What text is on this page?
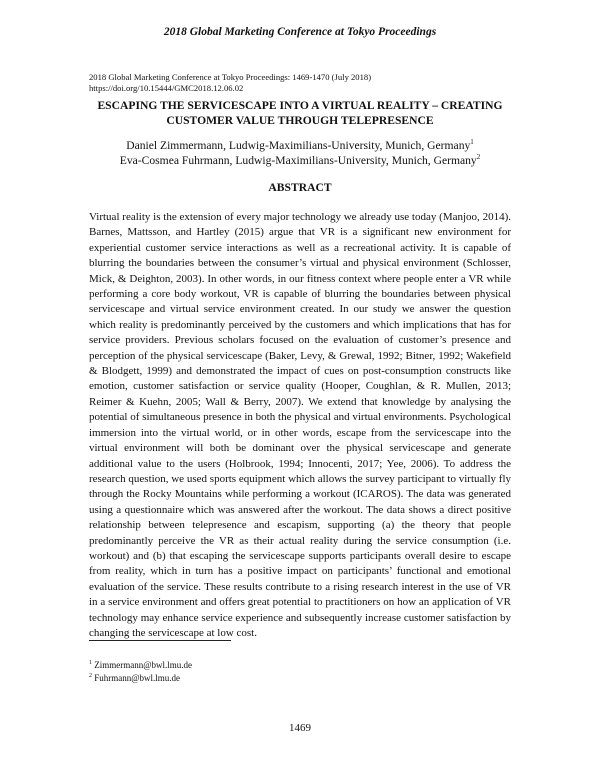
2018 Global Marketing Conference at Tokyo Proceedings
2018 Global Marketing Conference at Tokyo Proceedings: 1469-1470 (July 2018)
https://doi.org/10.15444/GMC2018.12.06.02
ESCAPING THE SERVICESCAPE INTO A VIRTUAL REALITY – CREATING
CUSTOMER VALUE THROUGH TELEPRESENCE
Daniel Zimmermann, Ludwig-Maximilians-University, Munich, Germany$^1$
Eva-Cosmea Fuhrmann, Ludwig-Maximilians-University, Munich, Germany$^2$
ABSTRACT

Virtual reality is the extension of every major technology we already use today (Manjoo, 2014). Barnes, Mattsson, and Hartley (2015) argue that VR is a significant new environment for experiential customer service interactions as well as a recreational activity. It is capable of blurring the boundaries between the consumer’s virtual and physical environment (Schlosser, Mick, & Deighton, 2003). In other words, in our fitness context where people enter a VR while performing a core body workout, VR is capable of blurring the boundaries between physical servicescape and virtual service environment created. In our study we answer the question which reality is predominantly perceived by the customers and which implications that has for service providers. Previous scholars focused on the evaluation of customer’s presence and perception of the physical servicescape (Baker, Levy, & Grewal, 1992; Bitner, 1992; Wakefield & Blodgett, 1999) and demonstrated the impact of cues on post-consumption constructs like emotion, customer satisfaction or service quality (Hooper, Coughlan, & R. Mullen, 2013; Reimer & Kuehn, 2005; Wall & Berry, 2007). We extend that knowledge by analysing the potential of simultaneous presence in both the physical and virtual environments. Psychological immersion into the virtual world, or in other words, escape from the servicescape into the virtual environment will both be dominant over the physical servicescape and generate additional value to the users (Holbrook, 1994; Innocenti, 2017; Yee, 2006). To address the research question, we used sports equipment which allows the survey participant to virtually fly through the Rocky Mountains while performing a workout (ICAROS). The data was generated using a questionnaire which was answered after the workout. The data shows a direct positive relationship between telepresence and escapism, supporting (a) the theory that people predominantly perceive the VR as their actual reality during the service consumption (i.e. workout) and (b) that escaping the servicescape supports participants overall desire to escape from reality, which in turn has a positive impact on participants’ functional and emotional evaluation of the service. These results contribute to a rising research interest in the use of VR in a service environment and offers great potential to practitioners on how an application of VR technology may enhance service experience and subsequently increase customer satisfaction by changing the servicescape at low cost.

$^1$ Zimmermann@bwl.lmu.de
$^2$ Fuhrmann@bwl.lmu.de
1469
